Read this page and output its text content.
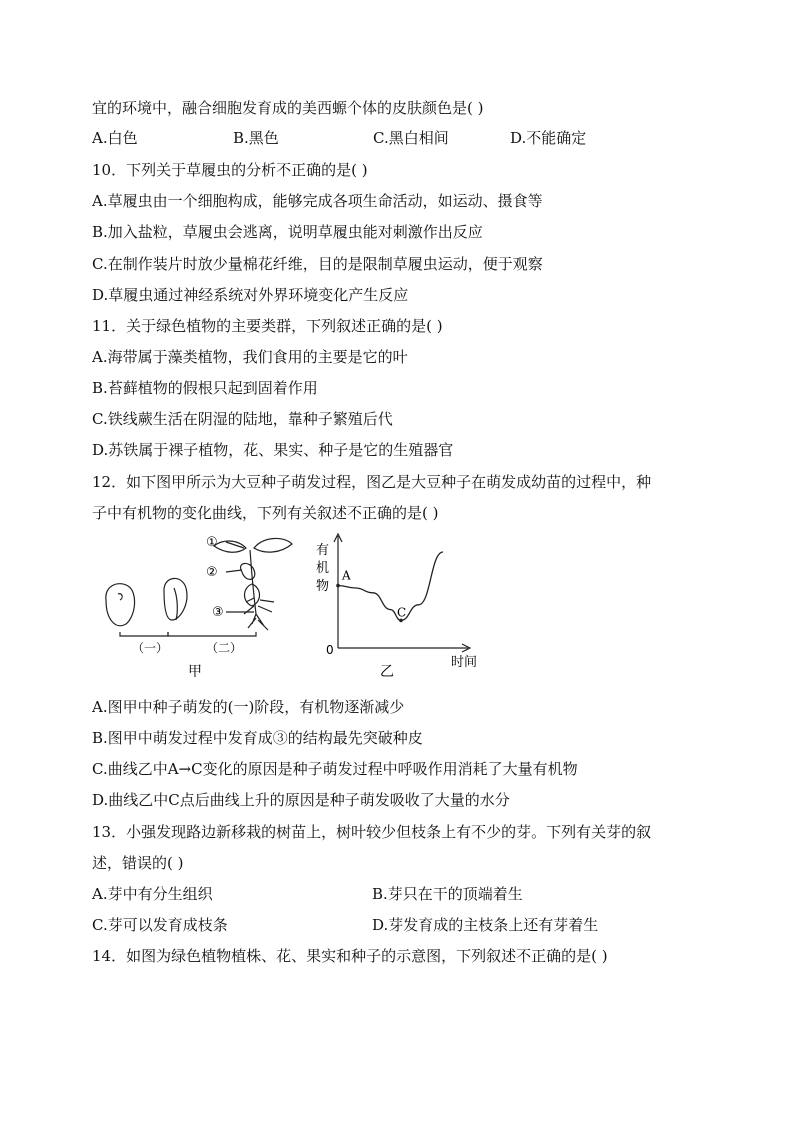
宜的环境中，融合细胞发育成的美西螈个体的皮肤颜色是( )
A.白色	B.黑色	C.黑白相间	D.不能确定
10．下列关于草履虫的分析不正确的是( )
A.草履虫由一个细胞构成，能够完成各项生命活动，如运动、摄食等
B.加入盐粒，草履虫会逃离，说明草履虫能对刺激作出反应
C.在制作装片时放少量棉花纤维，目的是限制草履虫运动，便于观察
D.草履虫通过神经系统对外界环境变化产生反应
11．关于绿色植物的主要类群，下列叙述正确的是( )
A.海带属于藻类植物，我们食用的主要是它的叶
B.苔藓植物的假根只起到固着作用
C.铁线蕨生活在阴湿的陆地，靠种子繁殖后代
D.苏铁属于裸子植物，花、果实、种子是它的生殖器官
12．如下图甲所示为大豆种子萌发过程，图乙是大豆种子在萌发成幼苗的过程中，种
子中有机物的变化曲线，下列有关叙述不正确的是( )
①
②
③
（一）	（二）
甲
A
C
有
机
物
0
时间
乙
A.图甲中种子萌发的(一)阶段，有机物逐渐减少
B.图甲中萌发过程中发育成③的结构最先突破种皮
C.曲线乙中A→C变化的原因是种子萌发过程中呼吸作用消耗了大量有机物
D.曲线乙中C点后曲线上升的原因是种子萌发吸收了大量的水分
13．小强发现路边新移栽的树苗上，树叶较少但枝条上有不少的芽。下列有关芽的叙
述，错误的( )
A.芽中有分生组织	B.芽只在干的顶端着生
C.芽可以发育成枝条	D.芽发育成的主枝条上还有芽着生
14．如图为绿色植物植株、花、果实和种子的示意图，下列叙述不正确的是( )
